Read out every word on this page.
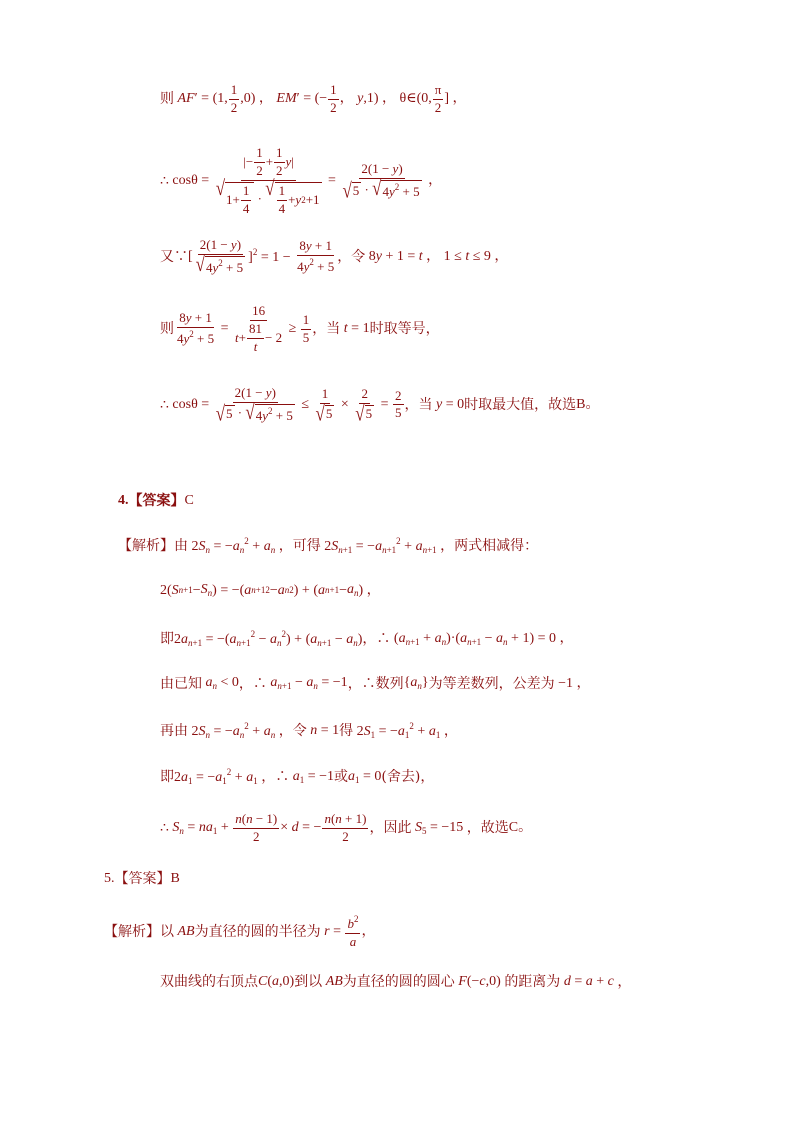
则 AF′ = (1, $\frac{1}{2} ,0$) ， EM′ = (− $\frac{1}{2}$ ， y,1) ， θ∈(0, $\frac{\pi}{2}$ ] ，
∴ $\cos\theta = \frac{|- \frac{1}{2} + \frac{1}{2} y |}{√ 1+ \frac{1}{4} \cdot √ \frac{1}{4} + y 2 +1} = \frac{2(1 - y)}{√ 5 \cdot √ 4y^2 + 5}$ ，
又∵ [ $\frac{2(1 - y)}{√ 4y^2 + 5} ]^2 = 1 - \frac{8y + 1}{4y^2 + 5}$ ，令 8y + 1 = t ， 1 ≤ t ≤ 9 ，
则 $\frac{8y + 1}{4y^2 + 5} = \frac{16}{t + \frac{81}{t} - 2} \ge \frac{1}{5}$ ，当 t = 1 时取等号，
∴ $\cos\theta = \frac{2(1 - y)}{√ 5 \cdot √ 4y^2 + 5} \le \frac{1}{√ 5} \times \frac{2}{√ 5} = \frac{2}{5}$ ，当 y = 0 时取最大值，故选 B。
4. 【答案】 C
【解析】 由 $2S_n = -a_n^2 + a_n$ ，可得 $2S_{n+1} = -a_{n+1}^2 + a_{n+1}$ ，两式相减得：
2( S $n+1 - S_n$ ) = −( a n+1 2 − a n 2 ) + ( a $n+1 - a_n$ ) ，
即 $2a_{n+1} = -(a_{n+1}^2 - a_n^2) + (a_{n+1} - a_n)$ ，∴ $(a_{n+1} + a_n)\cdot(a_{n+1} - a_n + 1) = 0$ ，
由已知 $a_n < 0$ ，∴ $a_{n+1} - a_n = -1$ ，∴数列 $\{a_n\}$ 为等差数列，公差为 −1 ，
再由 $2S_n = -a_n^2 + a_n$ ，令 n = 1 得 $2S_1 = -a_1^2 + a_1$ ，
即 $2a_1 = -a_1^2 + a_1$ ，∴ $a_1 = -1$ 或 $a_1 = 0$ (舍去)，
∴ $S_n = na_1 + \frac{n(n - 1)}{2} \times d$ = − $\frac{n(n + 1)}{2}$ ，因此 $S_5 = -15$ ，故选 C。
5. 【答案】 B
【解析】 以 AB 为直径的圆的半径为 $r = \frac{b^2}{a}$ ，
双曲线的右顶点 C(a,0) 到以 AB 为直径的圆的圆心 F(−c,0) 的距离为 d = a + c ，
